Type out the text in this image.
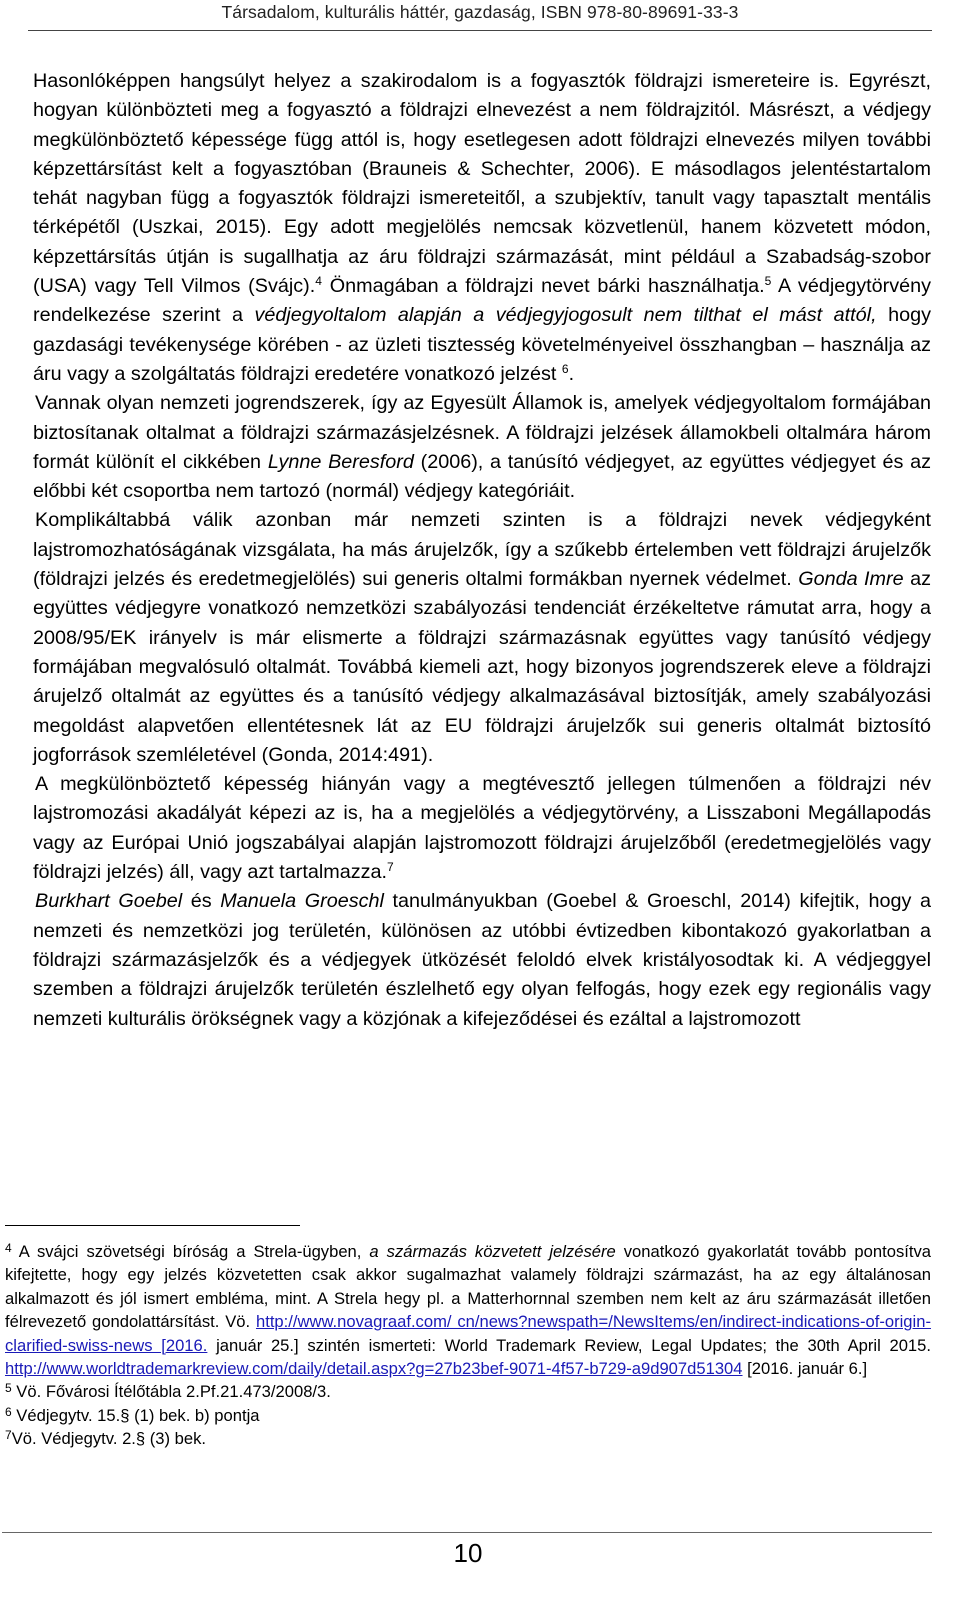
Társadalom, kulturális háttér, gazdaság, ISBN 978-80-89691-33-3

Hasonlóképpen hangsúlyt helyez a szakirodalom is a fogyasztók földrajzi ismereteire is. Egyrészt, hogyan különbözteti meg a fogyasztó a földrajzi elnevezést a nem földrajzitól. Másrészt, a védjegy megkülönböztető képessége függ attól is, hogy esetlegesen adott földrajzi elnevezés milyen további képzettársítást kelt a fogyasztóban (Brauneis & Schechter, 2006). E másodlagos jelentéstartalom tehát nagyban függ a fogyasztók földrajzi ismereteitől, a szubjektív, tanult vagy tapasztalt mentális térképétől (Uszkai, 2015). Egy adott megjelölés nemcsak közvetlenül, hanem közvetett módon, képzettársítás útján is sugallhatja az áru földrajzi származását, mint például a Szabadság-szobor (USA) vagy Tell Vilmos (Svájc).$^4$ Önmagában a földrajzi nevet bárki használhatja.$^5$ A védjegytörvény rendelkezése szerint a védjegyoltalom alapján a védjegyjogosult nem tilthat el mást attól, hogy gazdasági tevékenysége körében - az üzleti tisztesség követelményeivel összhangban – használja az áru vagy a szolgáltatás földrajzi eredetére vonatkozó jelzést $^6$.

Vannak olyan nemzeti jogrendszerek, így az Egyesült Államok is, amelyek védjegyoltalom formájában biztosítanak oltalmat a földrajzi származásjelzésnek. A földrajzi jelzések államokbeli oltalmára három formát különít el cikkében Lynne Beresford (2006), a tanúsító védjegyet, az együttes védjegyet és az előbbi két csoportba nem tartozó (normál) védjegy kategóriáit.

Komplikáltabbá válik azonban már nemzeti szinten is a földrajzi nevek védjegyként lajstromozhatóságának vizsgálata, ha más árujelzők, így a szűkebb értelemben vett földrajzi árujelzők (földrajzi jelzés és eredetmegjelölés) sui generis oltalmi formákban nyernek védelmet. Gonda Imre az együttes védjegyre vonatkozó nemzetközi szabályozási tendenciát érzékeltetve rámutat arra, hogy a 2008/95/EK irányelv is már elismerte a földrajzi származásnak együttes vagy tanúsító védjegy formájában megvalósuló oltalmát. Továbbá kiemeli azt, hogy bizonyos jogrendszerek eleve a földrajzi árujelző oltalmát az együttes és a tanúsító védjegy alkalmazásával biztosítják, amely szabályozási megoldást alapvetően ellentétesnek lát az EU földrajzi árujelzők sui generis oltalmát biztosító jogforrások szemléletével (Gonda, 2014:491).

A megkülönböztető képesség hiányán vagy a megtévesztő jellegen túlmenően a földrajzi név lajstromozási akadályát képezi az is, ha a megjelölés a védjegytörvény, a Lisszaboni Megállapodás vagy az Európai Unió jogszabályai alapján lajstromozott földrajzi árujelzőből (eredetmegjelölés vagy földrajzi jelzés) áll, vagy azt tartalmazza.$^7$

Burkhart Goebel és Manuela Groeschl tanulmányukban (Goebel & Groeschl, 2014) kifejtik, hogy a nemzeti és nemzetközi jog területén, különösen az utóbbi évtizedben kibontakozó gyakorlatban a földrajzi származásjelzők és a védjegyek ütközését feloldó elvek kristályosodtak ki. A védjeggyel szemben a földrajzi árujelzők területén észlelhető egy olyan felfogás, hogy ezek egy regionális vagy nemzeti kulturális örökségnek vagy a közjónak a kifejeződései és ezáltal a lajstromozott

$^4$ A svájci szövetségi bíróság a Strela-ügyben, a származás közvetett jelzésére vonatkozó gyakorlatát tovább pontosítva kifejtette, hogy egy jelzés közvetetten csak akkor sugalmazhat valamely földrajzi származást, ha az egy általánosan alkalmazott és jól ismert emblémа, mint. A Strela hegy pl. a Matterhornnal szemben nem kelt az áru származását illetően félrevezető gondolattársítást. Vö. http://www.novagraaf.com/ cn/news?newspath=/NewsItems/en/indirect-indications-of-origin-clarified-swiss-news [2016. január 25.] szintén ismerteti: World Trademark Review, Legal Updates; the 30th April 2015. http://www.worldtrademarkreview.com/daily/detail.aspx?g=27b23bef-9071-4f57-b729-a9d907d51304 [2016. január 6.]

$^5$ Vö. Fővárosi Ítélőtábla 2.Pf.21.473/2008/3.

$^6$ Védjegytv. 15.§ (1) bek. b) pontja

$^7$Vö. Védjegytv. 2.§ (3) bek.

10
